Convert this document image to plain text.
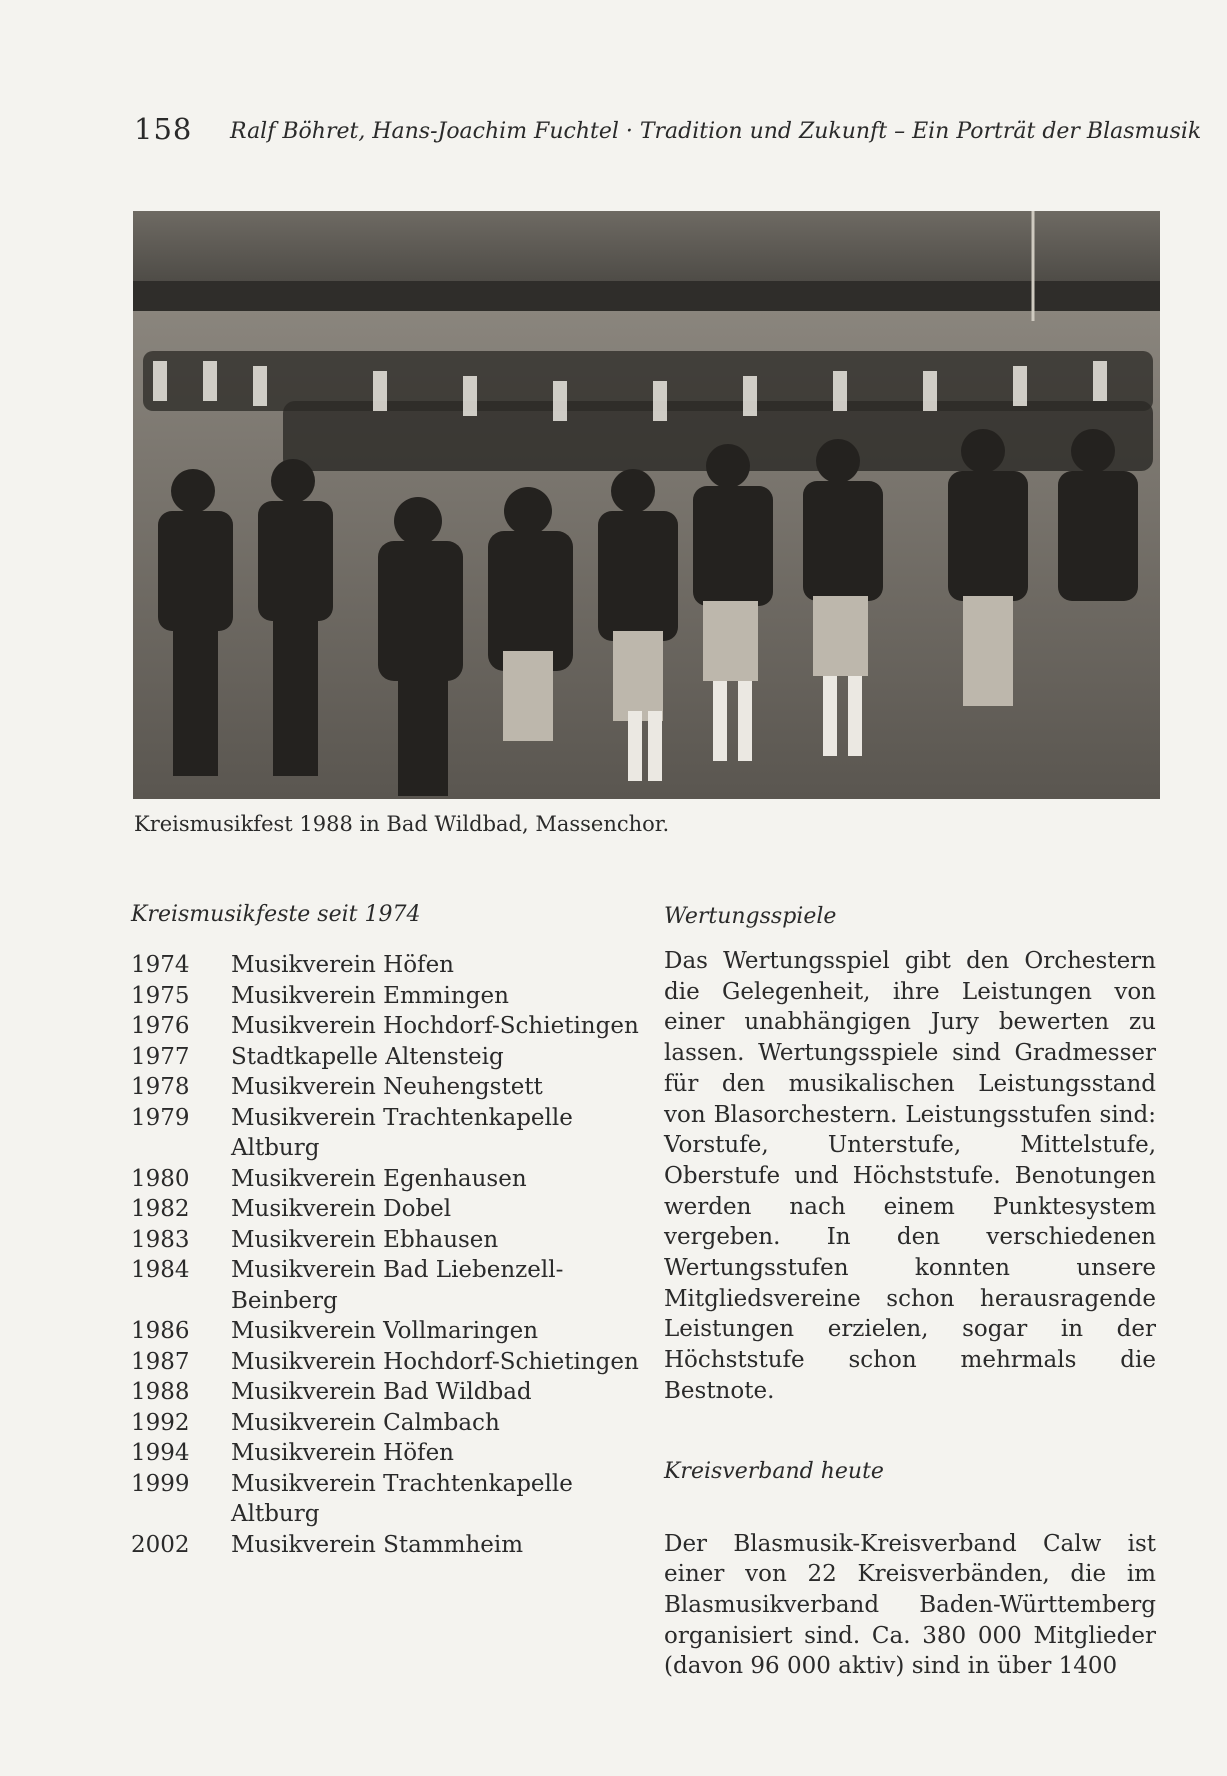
158 Ralf Böhret, Hans-Joachim Fuchtel · Tradition und Zukunft – Ein Porträt der Blasmusik
Kreismusikfest 1988 in Bad Wildbad, Massenchor.

Kreismusikfeste seit 1974

1974	Musikverein Höfen
1975	Musikverein Emmingen
1976	Musikverein Hochdorf-Schietingen
1977	Stadtkapelle Altensteig
1978	Musikverein Neuhengstett
1979	Musikverein Trachtenkapelle Altburg
1980	Musikverein Egenhausen
1982	Musikverein Dobel
1983	Musikverein Ebhausen
1984	Musikverein Bad Liebenzell-Beinberg
1986	Musikverein Vollmaringen
1987	Musikverein Hochdorf-Schietingen
1988	Musikverein Bad Wildbad
1992	Musikverein Calmbach
1994	Musikverein Höfen
1999	Musikverein Trachtenkapelle Altburg
2002	Musikverein Stammheim

Wertungsspiele

Das Wertungsspiel gibt den Orchestern die Gelegenheit, ihre Leistungen von einer unabhängigen Jury bewerten zu lassen. Wertungsspiele sind Gradmesser für den musikalischen Leistungsstand von Blasorchestern. Leistungsstufen sind: Vorstufe, Unterstufe, Mittelstufe, Oberstufe und Höchststufe. Benotungen werden nach einem Punktesystem vergeben. In den verschiedenen Wertungsstufen konnten unsere Mitgliedsvereine schon herausragende Leistungen erzielen, sogar in der Höchststufe schon mehrmals die Bestnote.

Kreisverband heute

Der Blasmusik-Kreisverband Calw ist einer von 22 Kreisverbänden, die im Blasmusikverband Baden-Württemberg organisiert sind. Ca. 380 000 Mitglieder (davon 96 000 aktiv) sind in über 1400
